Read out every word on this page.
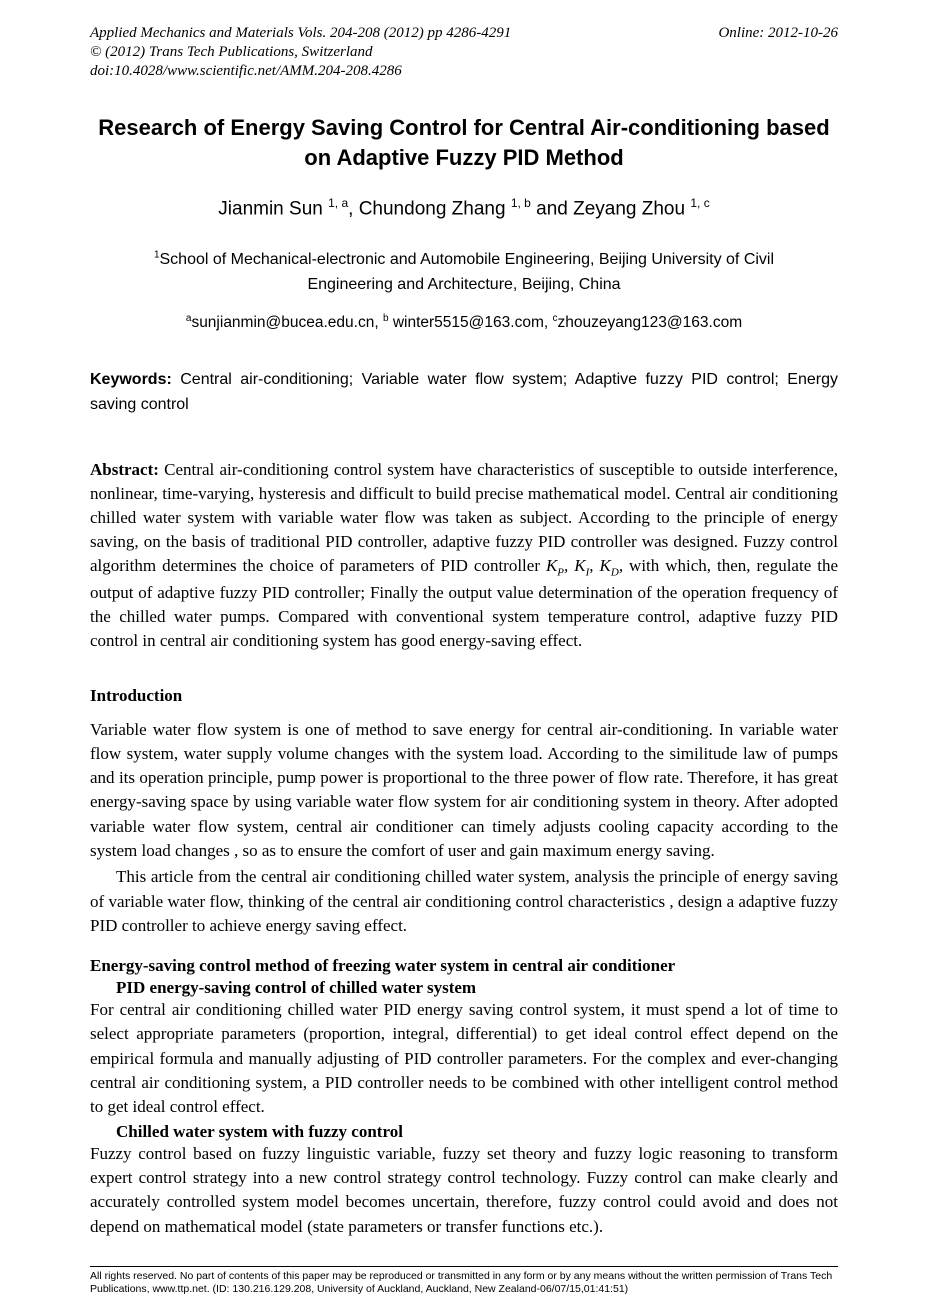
Applied Mechanics and Materials Vols. 204-208 (2012) pp 4286-4291	Online: 2012-10-26
© (2012) Trans Tech Publications, Switzerland
doi:10.4028/www.scientific.net/AMM.204-208.4286
Research of Energy Saving Control for Central Air-conditioning based on Adaptive Fuzzy PID Method
Jianmin Sun $^{1, a}$, Chundong Zhang $^{1, b}$ and Zeyang Zhou $^{1, c}$
$^1$School of Mechanical-electronic and Automobile Engineering, Beijing University of Civil Engineering and Architecture, Beijing, China
$^a$sunjianmin@bucea.edu.cn, $^b$ winter5515@163.com, $^c$zhouzeyang123@163.com

Keywords: Central air-conditioning; Variable water flow system; Adaptive fuzzy PID control; Energy saving control

Abstract: Central air-conditioning control system have characteristics of susceptible to outside interference, nonlinear, time-varying, hysteresis and difficult to build precise mathematical model. Central air conditioning chilled water system with variable water flow was taken as subject. According to the principle of energy saving, on the basis of traditional PID controller, adaptive fuzzy PID controller was designed. Fuzzy control algorithm determines the choice of parameters of PID controller $K_P$, $K_I$, $K_D$, with which, then, regulate the output of adaptive fuzzy PID controller; Finally the output value determination of the operation frequency of the chilled water pumps. Compared with conventional system temperature control, adaptive fuzzy PID control in central air conditioning system has good energy-saving effect.

Introduction

Variable water flow system is one of method to save energy for central air-conditioning. In variable water flow system, water supply volume changes with the system load. According to the similitude law of pumps and its operation principle, pump power is proportional to the three power of flow rate. Therefore, it has great energy-saving space by using variable water flow system for air conditioning system in theory. After adopted variable water flow system, central air conditioner can timely adjusts cooling capacity according to the system load changes , so as to ensure the comfort of user and gain maximum energy saving.

This article from the central air conditioning chilled water system, analysis the principle of energy saving of variable water flow, thinking of the central air conditioning control characteristics , design a adaptive fuzzy PID controller to achieve energy saving effect.

Energy-saving control method of freezing water system in central air conditioner
PID energy-saving control of chilled water system

For central air conditioning chilled water PID energy saving control system, it must spend a lot of time to select appropriate parameters (proportion, integral, differential) to get ideal control effect depend on the empirical formula and manually adjusting of PID controller parameters. For the complex and ever-changing central air conditioning system, a PID controller needs to be combined with other intelligent control method to get ideal control effect.

Chilled water system with fuzzy control

Fuzzy control based on fuzzy linguistic variable, fuzzy set theory and fuzzy logic reasoning to transform expert control strategy into a new control strategy control technology. Fuzzy control can make clearly and accurately controlled system model becomes uncertain, therefore, fuzzy control could avoid and does not depend on mathematical model (state parameters or transfer functions etc.).

All rights reserved. No part of contents of this paper may be reproduced or transmitted in any form or by any means without the written permission of Trans Tech Publications, www.ttp.net. (ID: 130.216.129.208, University of Auckland, Auckland, New Zealand-06/07/15,01:41:51)
